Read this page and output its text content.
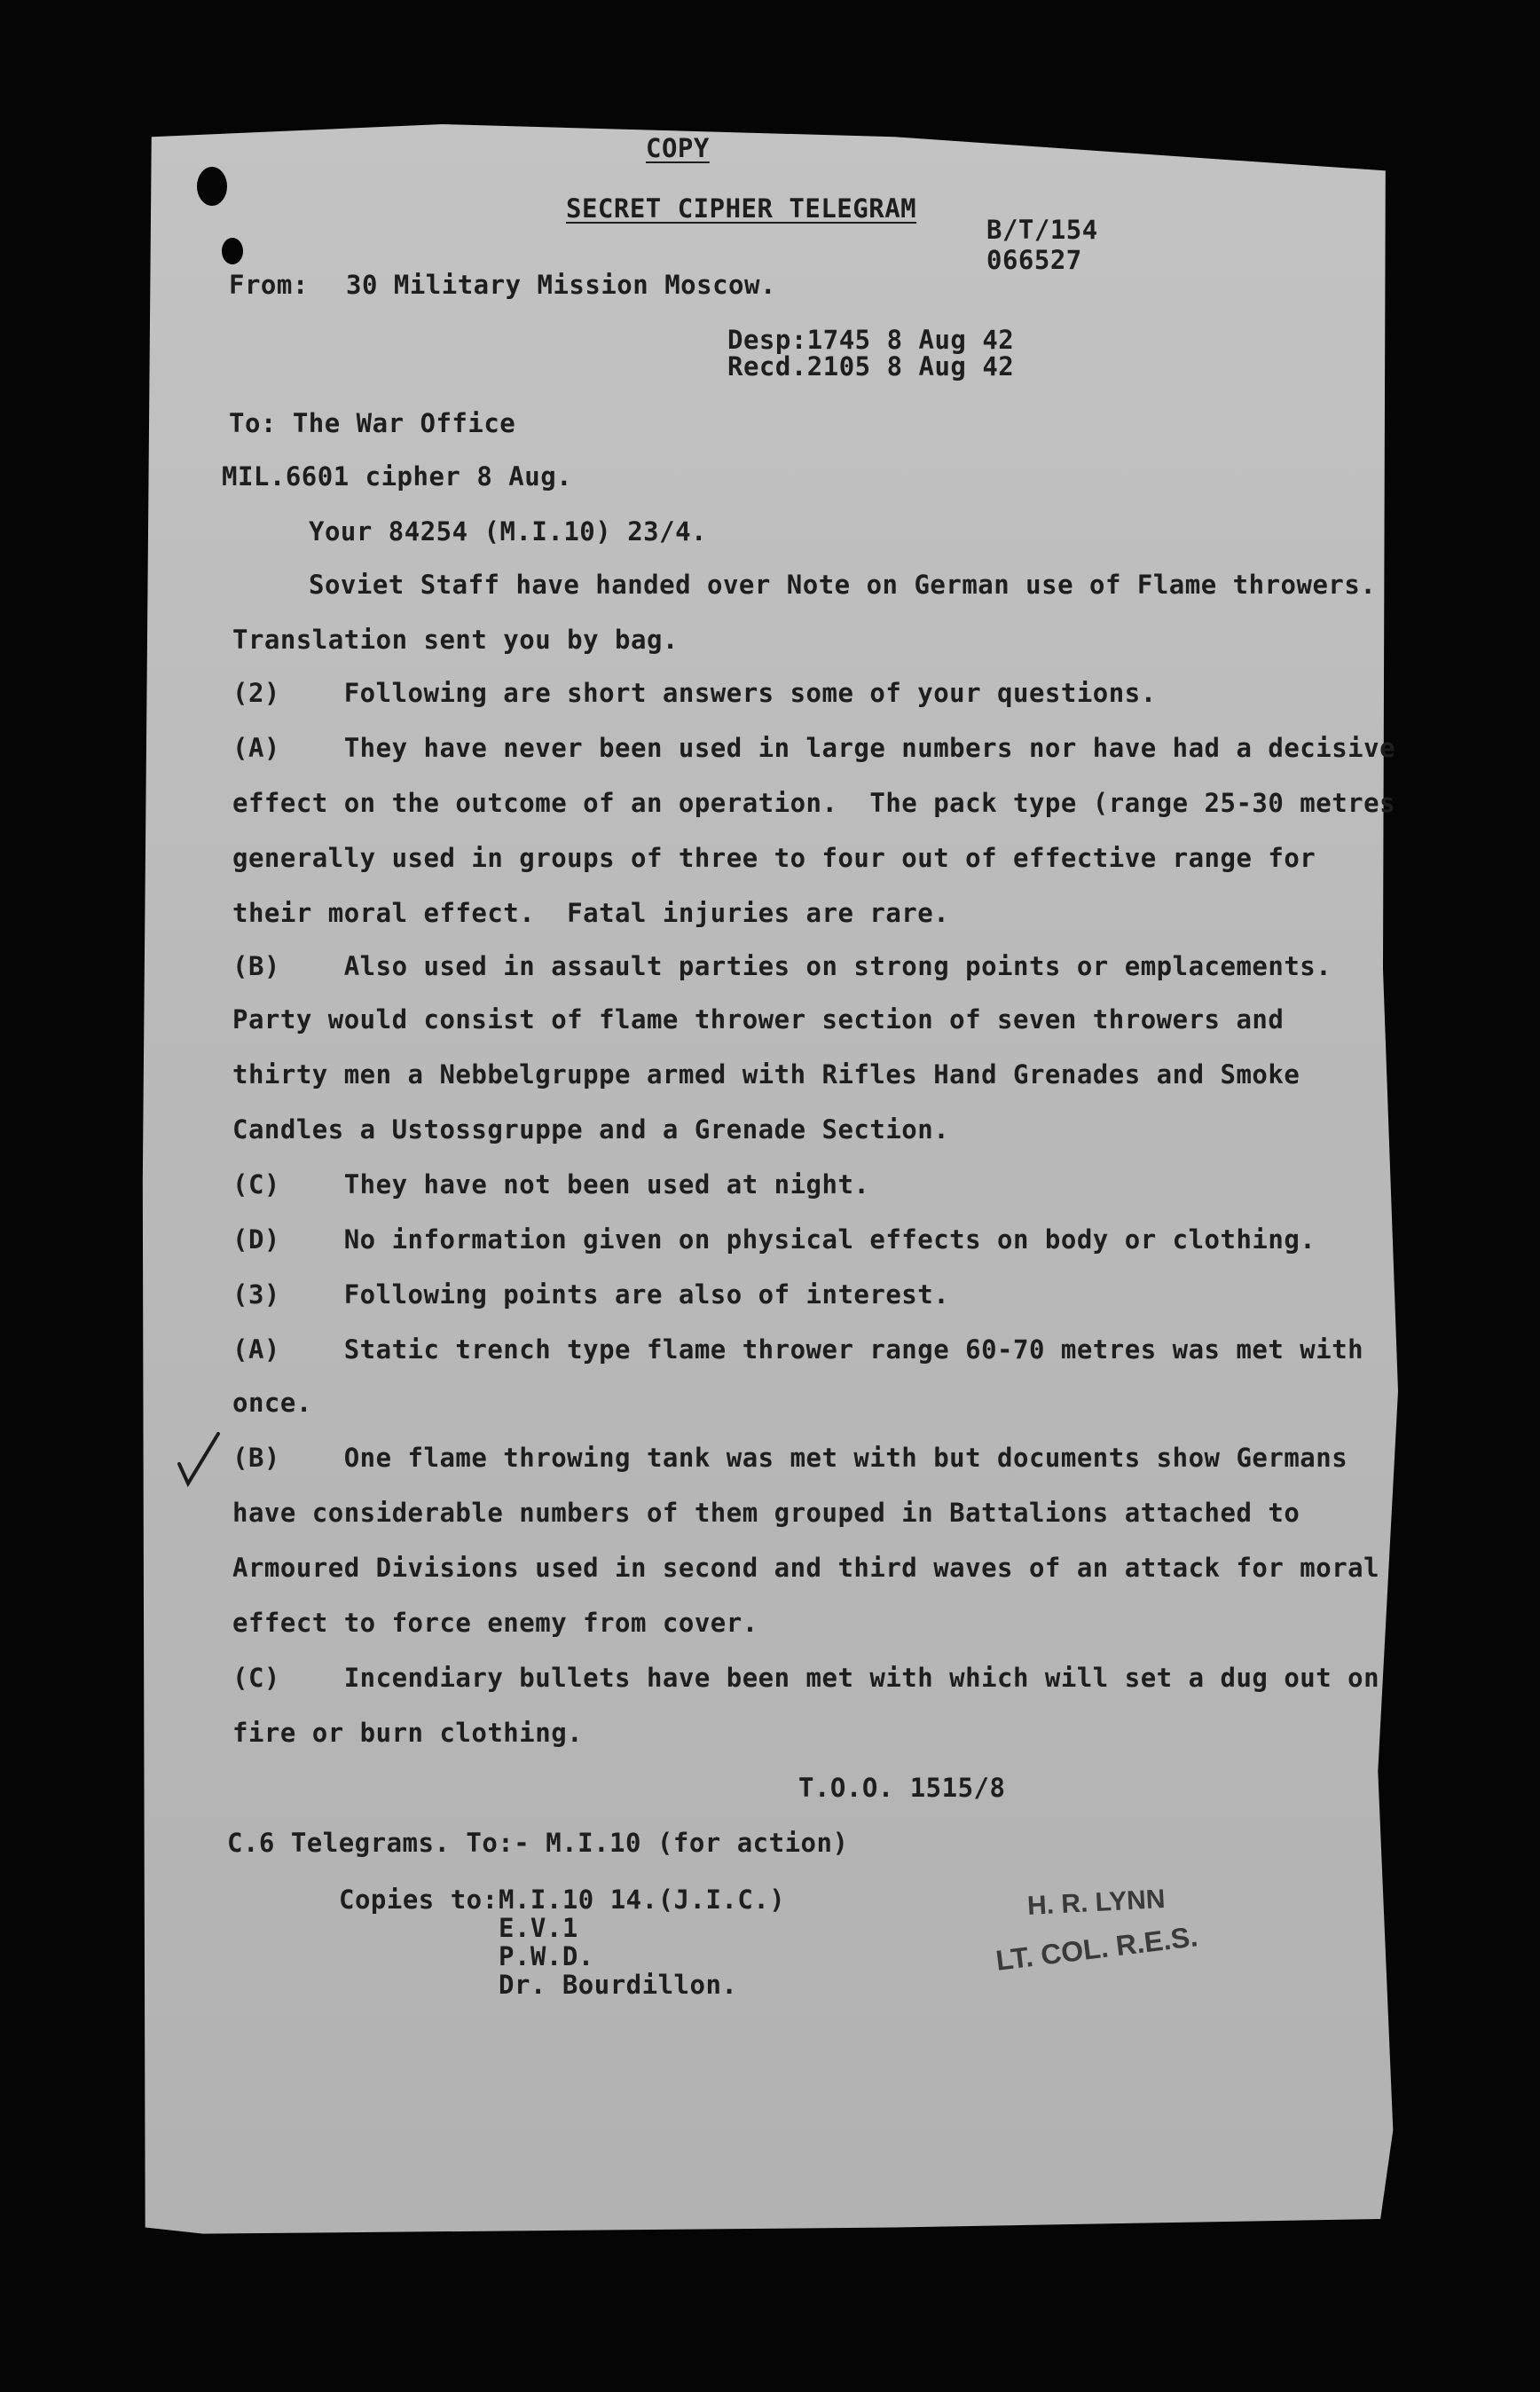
COPY
SECRET CIPHER TELEGRAM
B/T/154
066527
From: 30 Military Mission Moscow.
Desp:1745 8 Aug 42
Recd.2105 8 Aug 42
To: The War Office
MIL.6601 cipher 8 Aug.
Your 84254 (M.I.10) 23/4.
Soviet Staff have handed over Note on German use of Flame throwers.
Translation sent you by bag.
(2)    Following are short answers some of your questions.
(A)    They have never been used in large numbers nor have had a decisive
effect on the outcome of an operation.  The pack type (range 25-30 metres
generally used in groups of three to four out of effective range for
their moral effect.  Fatal injuries are rare.
(B)    Also used in assault parties on strong points or emplacements.
Party would consist of flame thrower section of seven throwers and
thirty men a Nebbelgruppe armed with Rifles Hand Grenades and Smoke
Candles a Ustossgruppe and a Grenade Section.
(C)    They have not been used at night.
(D)    No information given on physical effects on body or clothing.
(3)    Following points are also of interest.
(A)    Static trench type flame thrower range 60-70 metres was met with
once.
(B)    One flame throwing tank was met with but documents show Germans
have considerable numbers of them grouped in Battalions attached to
Armoured Divisions used in second and third waves of an attack for moral
effect to force enemy from cover.
(C)    Incendiary bullets have been met with which will set a dug out on
fire or burn clothing.
T.O.O. 1515/8
C.6 Telegrams. To:- M.I.10 (for action)
Copies to: M.I.10 14.(J.I.C.)
E.V.1
P.W.D.
Dr. Bourdillon.
H. R. LYNN
LT. COL. R.E.S.
